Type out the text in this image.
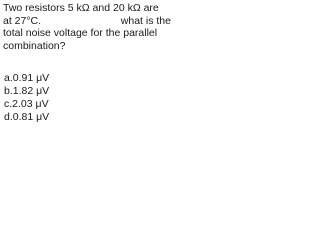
Two resistors 5 kΩ and 20 kΩ are
at 27°C.	what is the
total noise voltage for the parallel
combination?
a.0.91 μV
b.1.82 μV
c.2.03 μV
d.0.81 μV
